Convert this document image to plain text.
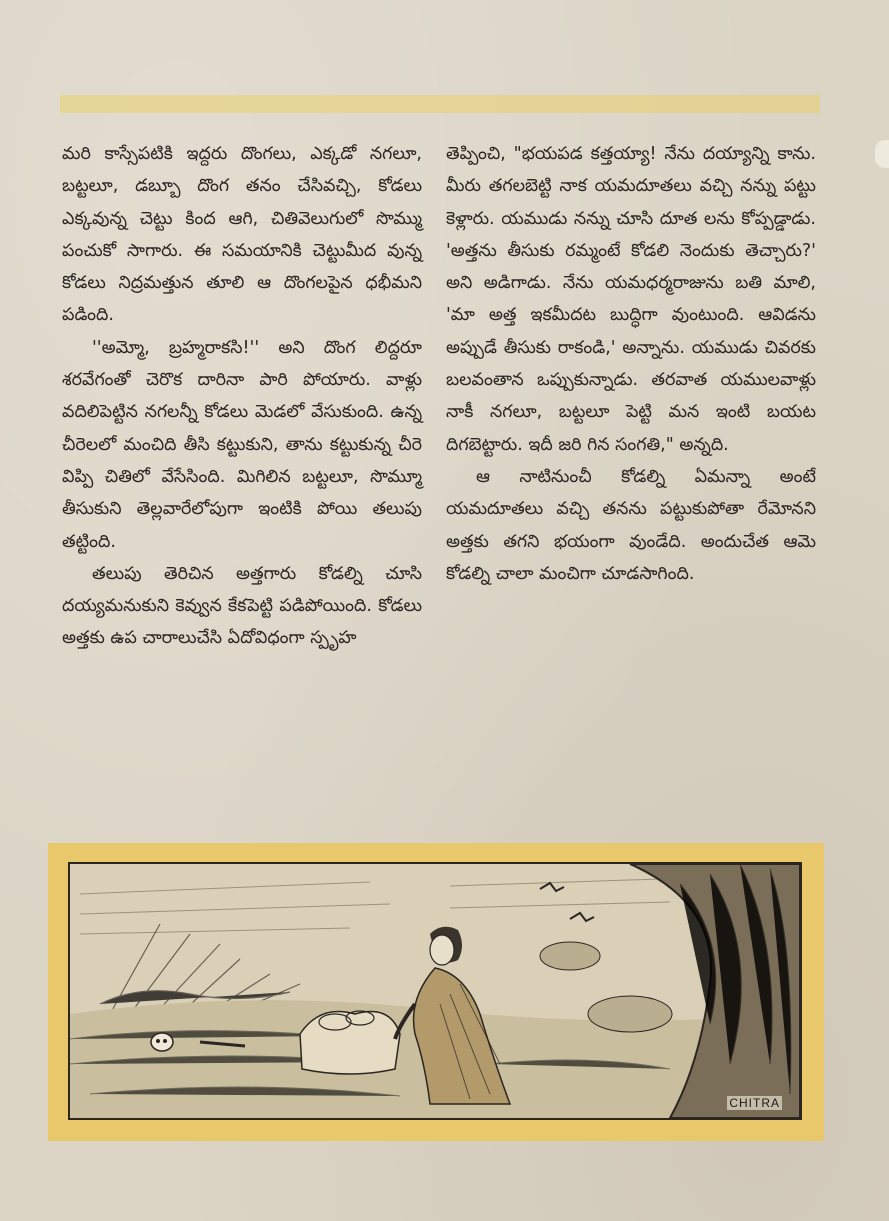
మరి కాస్సేపటికి ఇద్దరు దొంగలు, ఎక్కడో నగలూ, బట్టలూ, డబ్బూ దొంగ తనం చేసివచ్చి, కోడలు ఎక్కవున్న చెట్టు కింద ఆగి, చితివెలుగులో సొమ్ము పంచుకో సాగారు. ఈ సమయానికి చెట్టుమీద వున్న కోడలు నిద్రమత్తున తూలి ఆ దొంగలపైన ధభీమని పడింది.

''అమ్మో, బ్రహ్మరాకసి!'' అని దొంగ లిద్దరూ శరవేగంతో చెరొక దారినా పారి పోయారు. వాళ్లు వదిలిపెట్టిన నగలన్నీ కోడలు మెడలో వేసుకుంది. ఉన్న చీరెలలో మంచిది తీసి కట్టుకుని, తాను కట్టుకున్న చీరె విప్పి చితిలో వేసేసింది. మిగిలిన బట్టలూ, సొమ్మూ తీసుకుని తెల్లవారేలోపుగా ఇంటికి పోయి తలుపు తట్టింది.

తలుపు తెరిచిన అత్తగారు కోడల్ని చూసి దయ్యమనుకుని కెవ్వున కేకపెట్టి పడిపోయింది. కోడలు అత్తకు ఉప చారాలుచేసి ఏదోవిధంగా స్పృహ

తెప్పించి, "భయపడ కత్తయ్యా! నేను దయ్యాన్ని కాను. మీరు తగలబెట్టి నాక యమదూతలు వచ్చి నన్ను పట్టు కెళ్లారు. యముడు నన్ను చూసి దూత లను కోప్పడ్డాడు. 'అత్తను తీసుకు రమ్మంటే కోడలి నెందుకు తెచ్చారు?' అని అడిగాడు. నేను యమధర్మరాజును బతి మాలి, 'మా అత్త ఇకమీదట బుద్ధిగా వుంటుంది. ఆవిడను అప్పుడే తీసుకు రాకండి,' అన్నాను. యముడు చివరకు బలవంతాన ఒప్పుకున్నాడు. తరవాత యములవాళ్లు నాకీ నగలూ, బట్టలూ పెట్టి మన ఇంటి బయట దిగబెట్టారు. ఇదీ జరి గిన సంగతి," అన్నది.

ఆ నాటినుంచీ కోడల్ని ఏమన్నా అంటే యమదూతలు వచ్చి తనను పట్టుకుపోతా రేమోనని అత్తకు తగని భయంగా వుండేది. అందుచేత ఆమె కోడల్ని చాలా మంచిగా చూడసాగింది.

CHITRA
